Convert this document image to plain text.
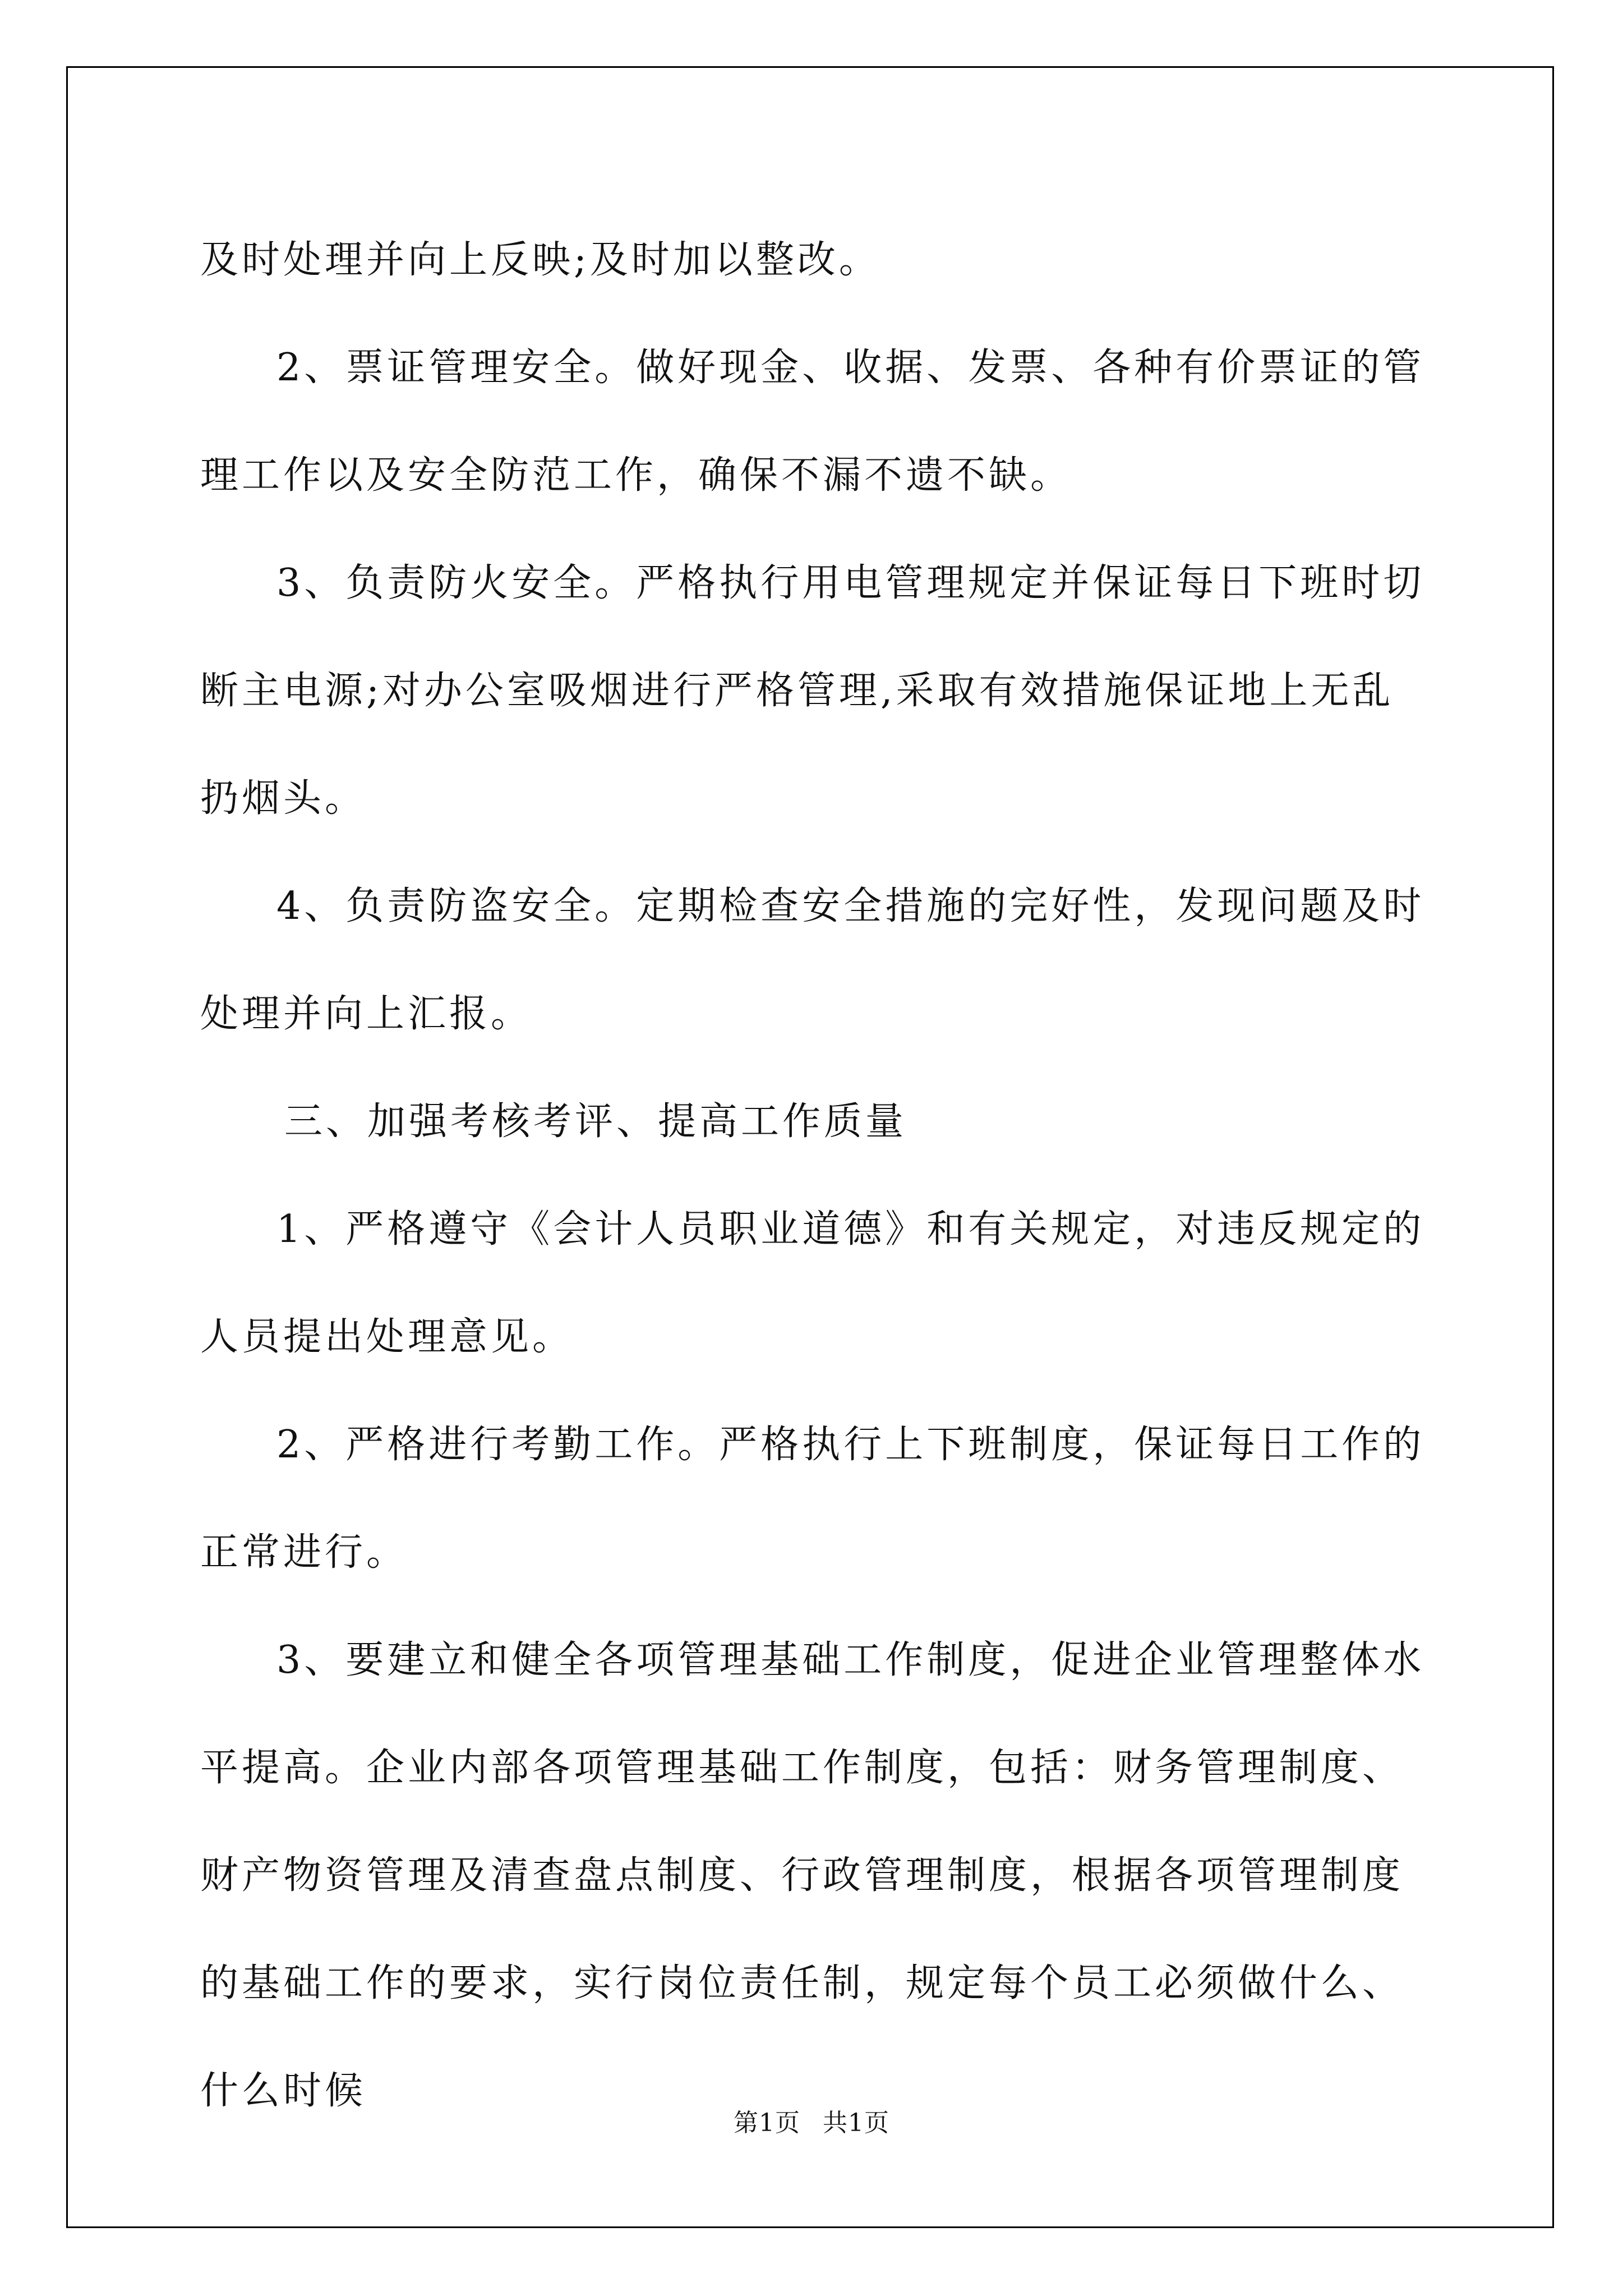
及时处理并向上反映;及时加以整改。

2、票证管理安全。做好现金、收据、发票、各种有价票证的管理工作以及安全防范工作，确保不漏不遗不缺。

3、负责防火安全。严格执行用电管理规定并保证每日下班时切断主电源;对办公室吸烟进行严格管理,采取有效措施保证地上无乱扔烟头。

4、负责防盗安全。定期检查安全措施的完好性，发现问题及时处理并向上汇报。

三、加强考核考评、提高工作质量

1、严格遵守《会计人员职业道德》和有关规定，对违反规定的人员提出处理意见。

2、严格进行考勤工作。严格执行上下班制度，保证每日工作的正常进行。

3、要建立和健全各项管理基础工作制度，促进企业管理整体水平提高。企业内部各项管理基础工作制度，包括：财务管理制度、财产物资管理及清查盘点制度、行政管理制度，根据各项管理制度的基础工作的要求，实行岗位责任制，规定每个员工必须做什么、什么时候

第1页 共1页
